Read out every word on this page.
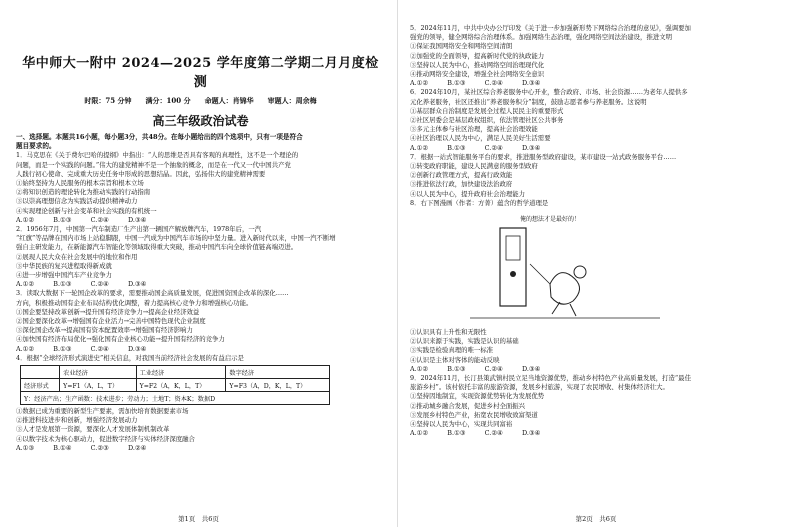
华中师大一附中 2024—2025 学年度第二学期二月月度检测
时限：75 分钟　　满分：100 分　　命题人：肖锦华　　审题人：周余梅
高三年级政治试卷
一、选择题。本题共16小题，每小题3分，共48分。在每小题给出的四个选项中，只有一项是符合
题目要求的。
1．马克思在《关于费尔巴哈的提纲》中指出：“人的思维是否具有客观的真理性，这不是一个理论的
问题，而是一个实践的问题。”伟大的建党精神不是一个抽象的概念，而是在一代又一代中国共产党
人践行初心使命、完成重大历史任务中形成的思想结晶。因此，弘扬伟大的建党精神需要
①始终坚持为人民服务的根本宗旨和根本立场
②将知识创造的理论转化为推动实践的行动指南
③以崇高理想信念为实践活动提供精神动力
④实现理论创新与社会变革和社会实践的有机统一
A.①②　　　B.①③　　　C.②④　　　D.③④
2．1956年7月，中国第一汽车制造厂生产出第一辆国产解放牌汽车，1978年后，一汽
“红旗”等品牌在国内市场上站稳脚跟，中国一汽成为中国汽车市场的中坚力量。进入新时代以来，中国一汽不断增
强自主研发能力，在新能源汽车智能化等领域取得重大突破，推动中国汽车向全球价值链高端迈进。
②展现人民大众在社会发展中的地位和作用
③中华民族的复兴进程取得新成就
④进一步增强中国汽车产业竞争力
A.①②　　　B.①③　　　C.②④　　　D.③④
3．读取大数据下一轮国企改革的要求，需要推动国企高质量发展，促进国资国企改革的深化……
方向，积极推动国有企业布局结构优化调整，着力提高核心竞争力和增强核心功能。
①国企要坚持改革创新→提升国有经济竞争力→提高企业经济效益
②国企要深化改革→增强国有企业活力→完善中国特色现代企业制度
③深化国企改革→提高国有资本配置效率→增强国有经济影响力
④加快国有经济布局优化→强化国有企业核心功能→提升国有经济的竞争力
A.①②　　　B.①③　　　C.②④　　　D.③④
4．根据“全球经济形式演进史”相关信息，对我国当前经济社会发展的有益启示是
	农业经济	工业经济	数字经济
经济形式	Y=F1（A，L，T）	Y=F2（A，K，L，T）	Y=F3（A，D，K，L，T）
Y：经济产出；生产函数：技术进步；劳动力；土地T；资本K；数据D			
①数据已成为重要的新型生产要素，需加快培育数据要素市场
②推进科技进步和创新，增强经济发展动力
③人才是发展第一资源，要深化人才发展体制机制改革
④以数字技术为核心驱动力，促进数字经济与实体经济深度融合
A.①③　　　B.①④　　　C.②③　　　D.②④
第1页　共6页
5．2024年11月，中共中央办公厅印发《关于进一步加强新形势下网络综合治理的意见》，强调要加
强党的领导，健全网络综合治理体系。加强网络生态治理，强化网络空间法治建设，推进文明
①保证我国网络安全和网络空间清朗
②加强党的全面领导，提高新时代党的执政能力
③坚持以人民为中心，推动网络空间治理现代化
④推动网络安全建设，增强全社会网络安全意识
A.①②　　　B.①③　　　C.②④　　　D.③④
6．2024年10月，某社区综合养老服务中心开业，整合政府、市场、社会资源……为老年人提供多
元化养老服务，社区还推出“养老服务积分”制度，鼓励志愿者参与养老服务。这说明
①基层群众自治制度是发展全过程人民民主的重要形式
②社区居委会是基层政权组织，依法管理社区公共事务
③多元主体参与社区治理，提高社会治理效能
④社区治理以人民为中心，满足人民美好生活需要
A.①②　　　B.①③　　　C.②④　　　D.③④
7．根据一站式智能服务平台的要求，推进服务型政府建设，某市建设一站式政务服务平台……
①转变政府职能，建设人民满意的服务型政府
②创新行政管理方式，提高行政效能
③推进依法行政，加快建设法治政府
④以人民为中心，提升政府社会治理能力
8．右下图漫画（作者：方菁）蕴含的哲学道理是
俺的想法才是最好的！
①认识具有上升性和无限性
②认识来源于实践，实践是认识的基础
③实践是检验真理的唯一标准
④认识是主体对客体的能动反映
A.①②　　　B.①③　　　C.②④　　　D.③④
9．2024年11月，长汀县策武镇村民立足当地资源优势，推动乡村特色产业高质量发展，打造“最佳
旅游乡村”。该村依托丰富的旅游资源，发展乡村旅游，实现了农民增收、村集体经济壮大。
①坚持因地制宜，实现资源优势转化为发展优势
②推动城乡融合发展，促进乡村全面振兴
③发展乡村特色产业，拓宽农民增收致富渠道
④坚持以人民为中心，实现共同富裕
A.①②　　　B.①③　　　C.②④　　　D.③④
第2页　共6页
